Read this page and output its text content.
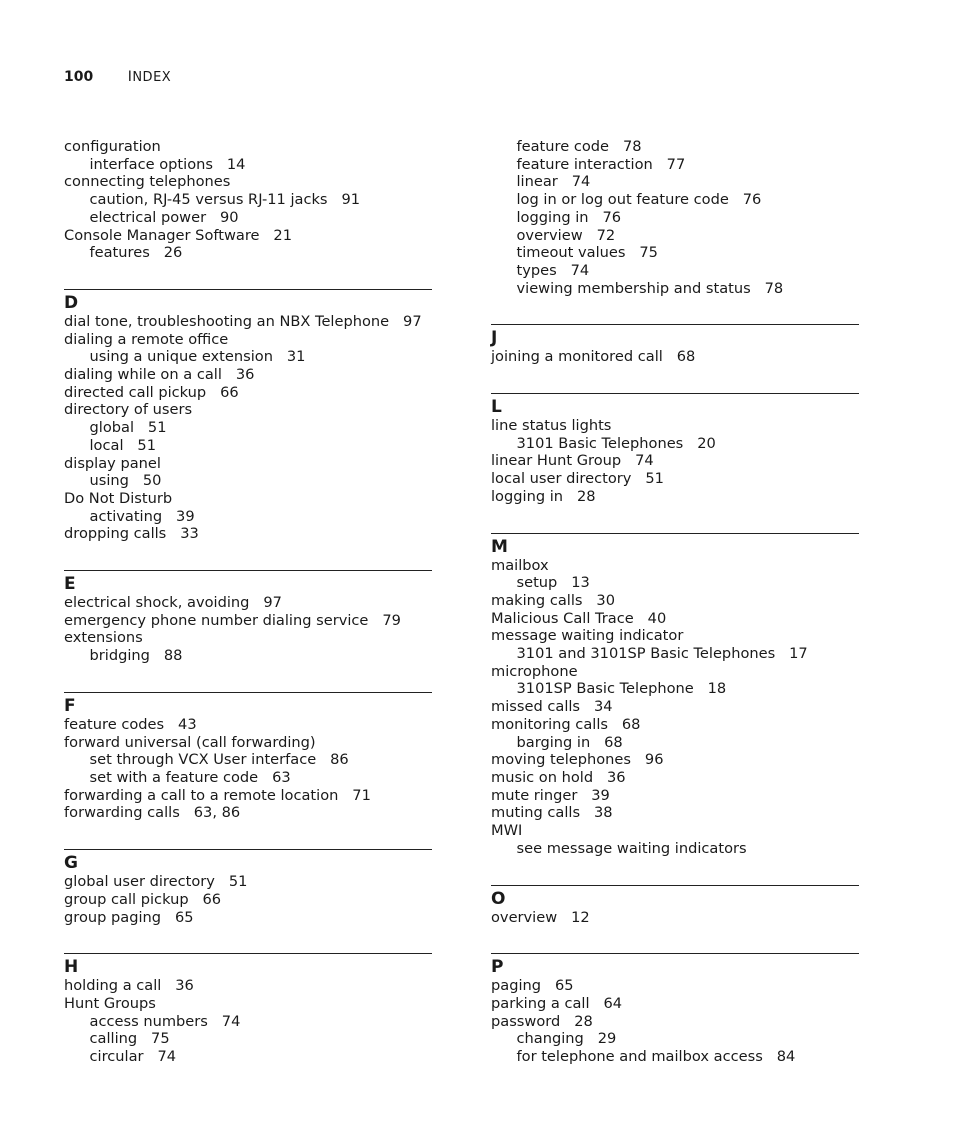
100 INDEX
configuration
interface options   14
connecting telephones
caution, RJ-45 versus RJ-11 jacks   91
electrical power   90
Console Manager Software   21
features   26
D
dial tone, troubleshooting an NBX Telephone   97
dialing a remote office
using a unique extension   31
dialing while on a call   36
directed call pickup   66
directory of users
global   51
local   51
display panel
using   50
Do Not Disturb
activating   39
dropping calls   33
E
electrical shock, avoiding   97
emergency phone number dialing service   79
extensions
bridging   88
F
feature codes   43
forward universal (call forwarding)
set through VCX User interface   86
set with a feature code   63
forwarding a call to a remote location   71
forwarding calls   63, 86
G
global user directory   51
group call pickup   66
group paging   65
H
holding a call   36
Hunt Groups
access numbers   74
calling   75
circular   74
feature code   78
feature interaction   77
linear   74
log in or log out feature code   76
logging in   76
overview   72
timeout values   75
types   74
viewing membership and status   78
J
joining a monitored call   68
L
line status lights
3101 Basic Telephones   20
linear Hunt Group   74
local user directory   51
logging in   28
M
mailbox
setup   13
making calls   30
Malicious Call Trace   40
message waiting indicator
3101 and 3101SP Basic Telephones   17
microphone
3101SP Basic Telephone   18
missed calls   34
monitoring calls   68
barging in   68
moving telephones   96
music on hold   36
mute ringer   39
muting calls   38
MWI
see message waiting indicators
O
overview   12
P
paging   65
parking a call   64
password   28
changing   29
for telephone and mailbox access   84
